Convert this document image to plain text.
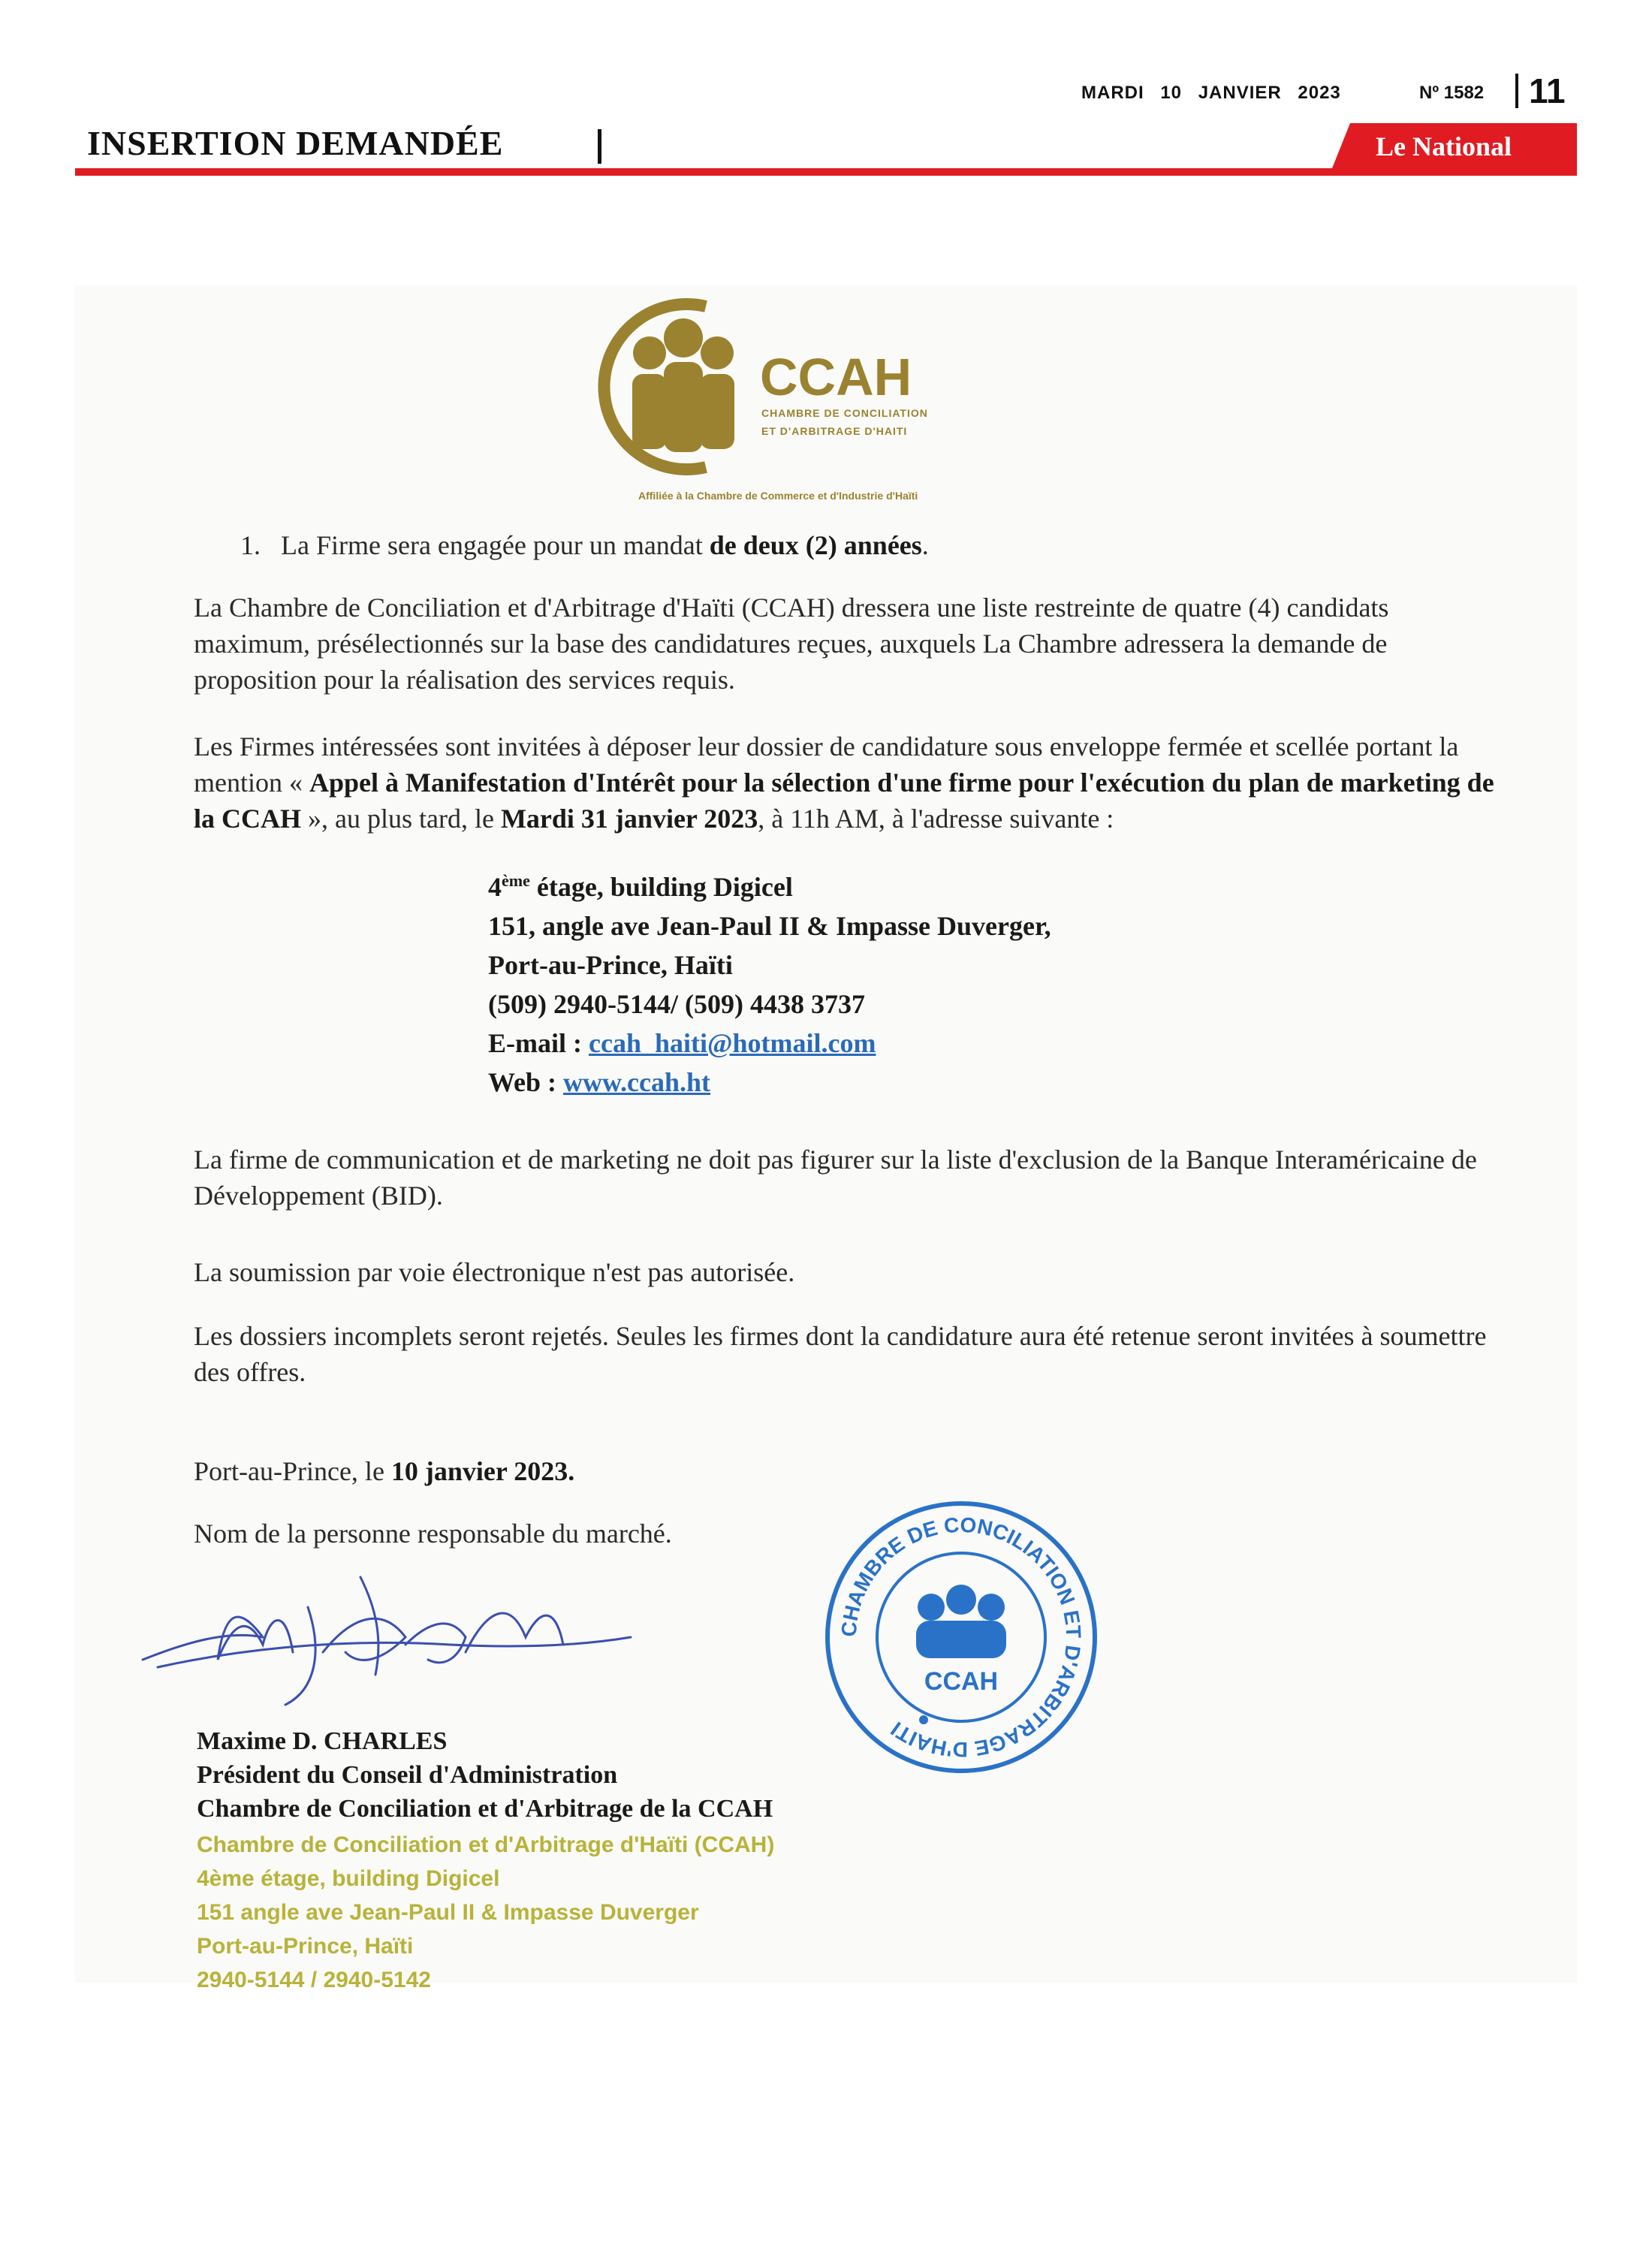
MARDI 10 JANVIER 2023	Nº 1582 11
INSERTION DEMANDÉE	Le National
CCAH
CHAMBRE DE CONCILIATION
ET D'ARBITRAGE D'HAITI
Affiliée à la Chambre de Commerce et d'Industrie d'Haïti
1. La Firme sera engagée pour un mandat de deux (2) années.

La Chambre de Conciliation et d'Arbitrage d'Haïti (CCAH) dressera une liste restreinte de quatre (4) candidats maximum, présélectionnés sur la base des candidatures reçues, auxquels La Chambre adressera la demande de proposition pour la réalisation des services requis.

Les Firmes intéressées sont invitées à déposer leur dossier de candidature sous enveloppe fermée et scellée portant la mention « Appel à Manifestation d'Intérêt pour la sélection d'une firme pour l'exécution du plan de marketing de la CCAH », au plus tard, le Mardi 31 janvier 2023, à 11h AM, à l'adresse suivante :

4ème étage, building Digicel
151, angle ave Jean-Paul II & Impasse Duverger,
Port-au-Prince, Haïti
(509) 2940-5144/ (509) 4438 3737
E-mail : ccah_haiti@hotmail.com
Web : www.ccah.ht

La firme de communication et de marketing ne doit pas figurer sur la liste d'exclusion de la Banque Interaméricaine de Développement (BID).

La soumission par voie électronique n'est pas autorisée.

Les dossiers incomplets seront rejetés. Seules les firmes dont la candidature aura été retenue seront invitées à soumettre des offres.

Port-au-Prince, le 10 janvier 2023.

Nom de la personne responsable du marché.

CHAMBRE DE CONCILIATION ET D'ARBITRAGE D'HAITI
CCAH
Maxime D. CHARLES
Président du Conseil d'Administration
Chambre de Conciliation et d'Arbitrage de la CCAH
Chambre de Conciliation et d'Arbitrage d'Haïti (CCAH)
4ème étage, building Digicel
151 angle ave Jean-Paul II & Impasse Duverger
Port-au-Prince, Haïti
2940-5144 / 2940-5142
